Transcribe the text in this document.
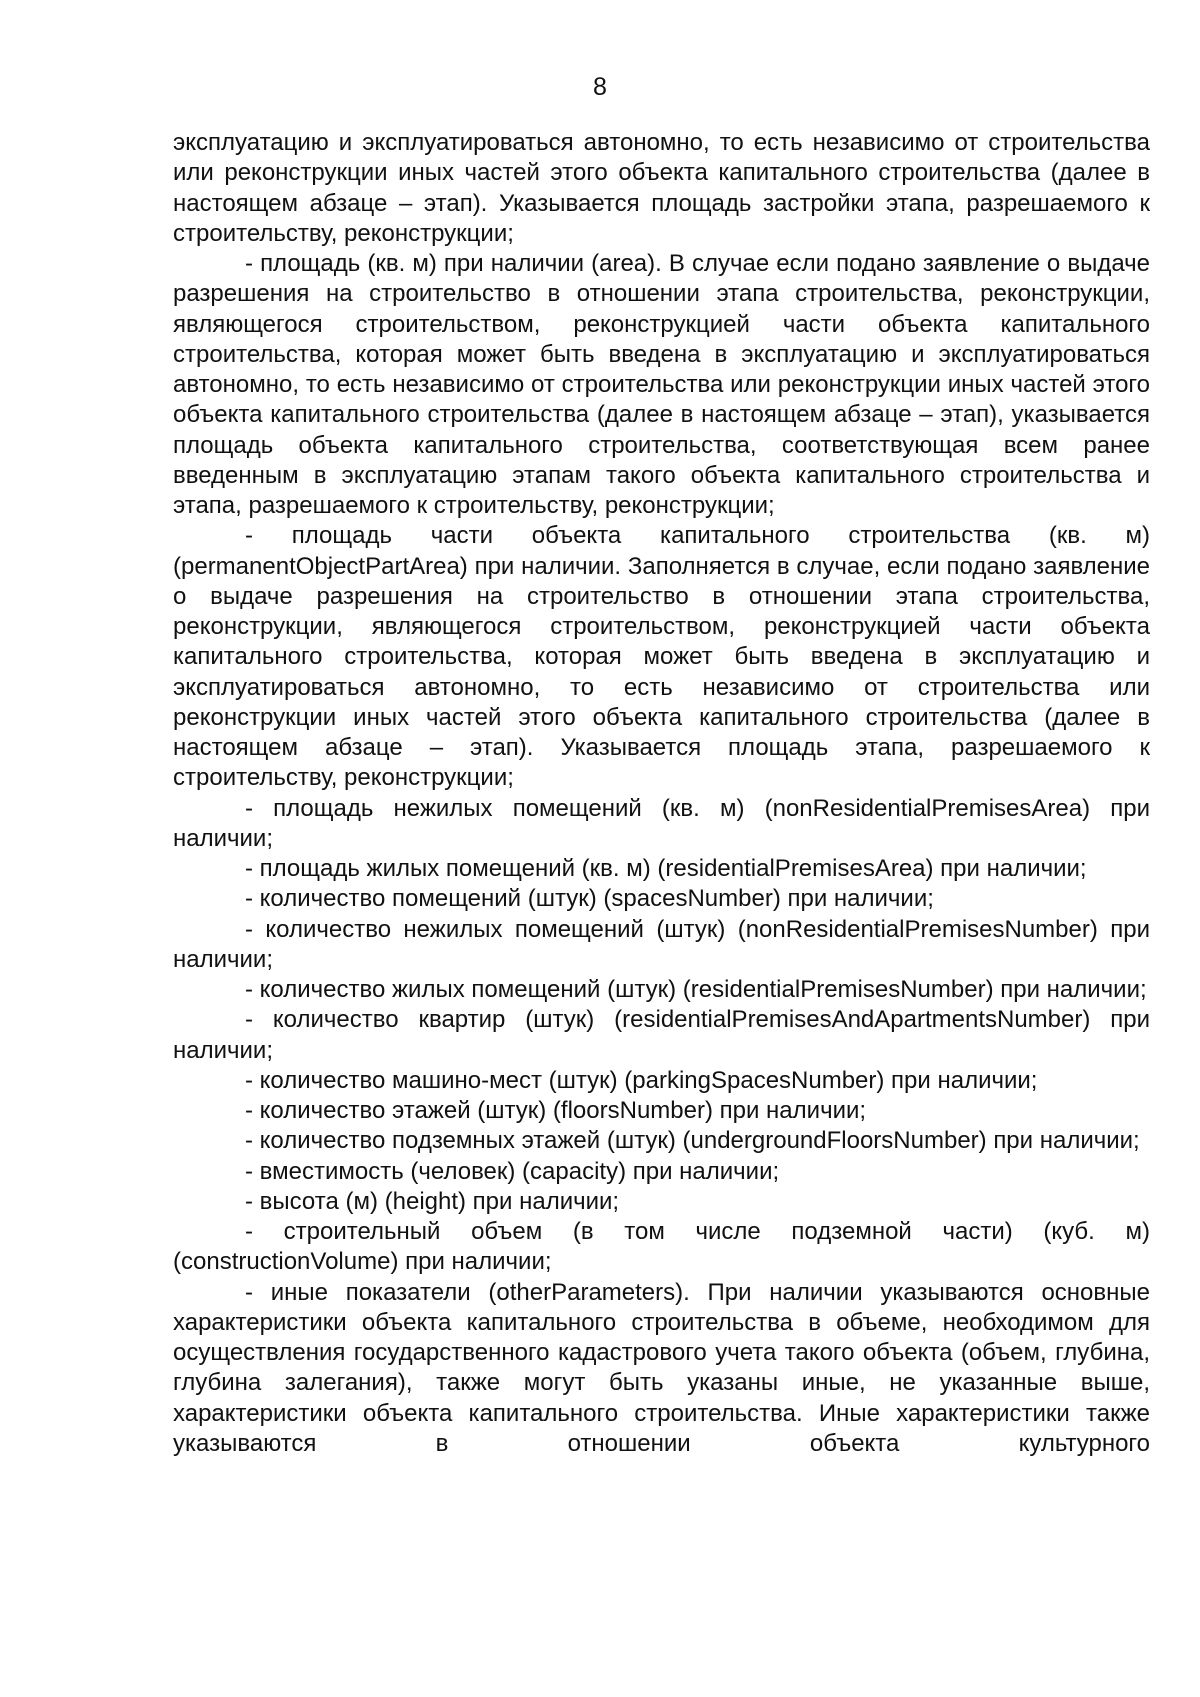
8

эксплуатацию и эксплуатироваться автономно, то есть независимо от строительства или реконструкции иных частей этого объекта капитального строительства (далее в настоящем абзаце – этап). Указывается площадь застройки этапа, разрешаемого к строительству, реконструкции;

- площадь (кв. м) при наличии (area). В случае если подано заявление о выдаче разрешения на строительство в отношении этапа строительства, реконструкции, являющегося строительством, реконструкцией части объекта капитального строительства, которая может быть введена в эксплуатацию и эксплуатироваться автономно, то есть независимо от строительства или реконструкции иных частей этого объекта капитального строительства (далее в настоящем абзаце – этап), указывается площадь объекта капитального строительства, соответствующая всем ранее введенным в эксплуатацию этапам такого объекта капитального строительства и этапа, разрешаемого к строительству, реконструкции;

- площадь части объекта капитального строительства (кв. м) (permanentObjectPartArea) при наличии. Заполняется в случае, если подано заявление о выдаче разрешения на строительство в отношении этапа строительства, реконструкции, являющегося строительством, реконструкцией части объекта капитального строительства, которая может быть введена в эксплуатацию и эксплуатироваться автономно, то есть независимо от строительства или реконструкции иных частей этого объекта капитального строительства (далее в настоящем абзаце – этап). Указывается площадь этапа, разрешаемого к строительству, реконструкции;

- площадь нежилых помещений (кв. м) (nonResidentialPremisesArea) при наличии;

- площадь жилых помещений (кв. м) (residentialPremisesArea) при наличии;

- количество помещений (штук) (spacesNumber) при наличии;

- количество нежилых помещений (штук) (nonResidentialPremisesNumber) при наличии;

- количество жилых помещений (штук) (residentialPremisesNumber) при наличии;

- количество квартир (штук) (residentialPremisesAndApartmentsNumber) при наличии;

- количество машино-мест (штук) (parkingSpacesNumber) при наличии;

- количество этажей (штук) (floorsNumber) при наличии;

- количество подземных этажей (штук) (undergroundFloorsNumber) при наличии;

- вместимость (человек) (capacity) при наличии;

- высота (м) (height) при наличии;

- строительный объем (в том числе подземной части) (куб. м) (constructionVolume) при наличии;

- иные показатели (otherParameters). При наличии указываются основные характеристики объекта капитального строительства в объеме, необходимом для осуществления государственного кадастрового учета такого объекта (объем, глубина, глубина залегания), также могут быть указаны иные, не указанные выше, характеристики объекта капитального строительства. Иные характеристики также указываются в отношении объекта культурного
